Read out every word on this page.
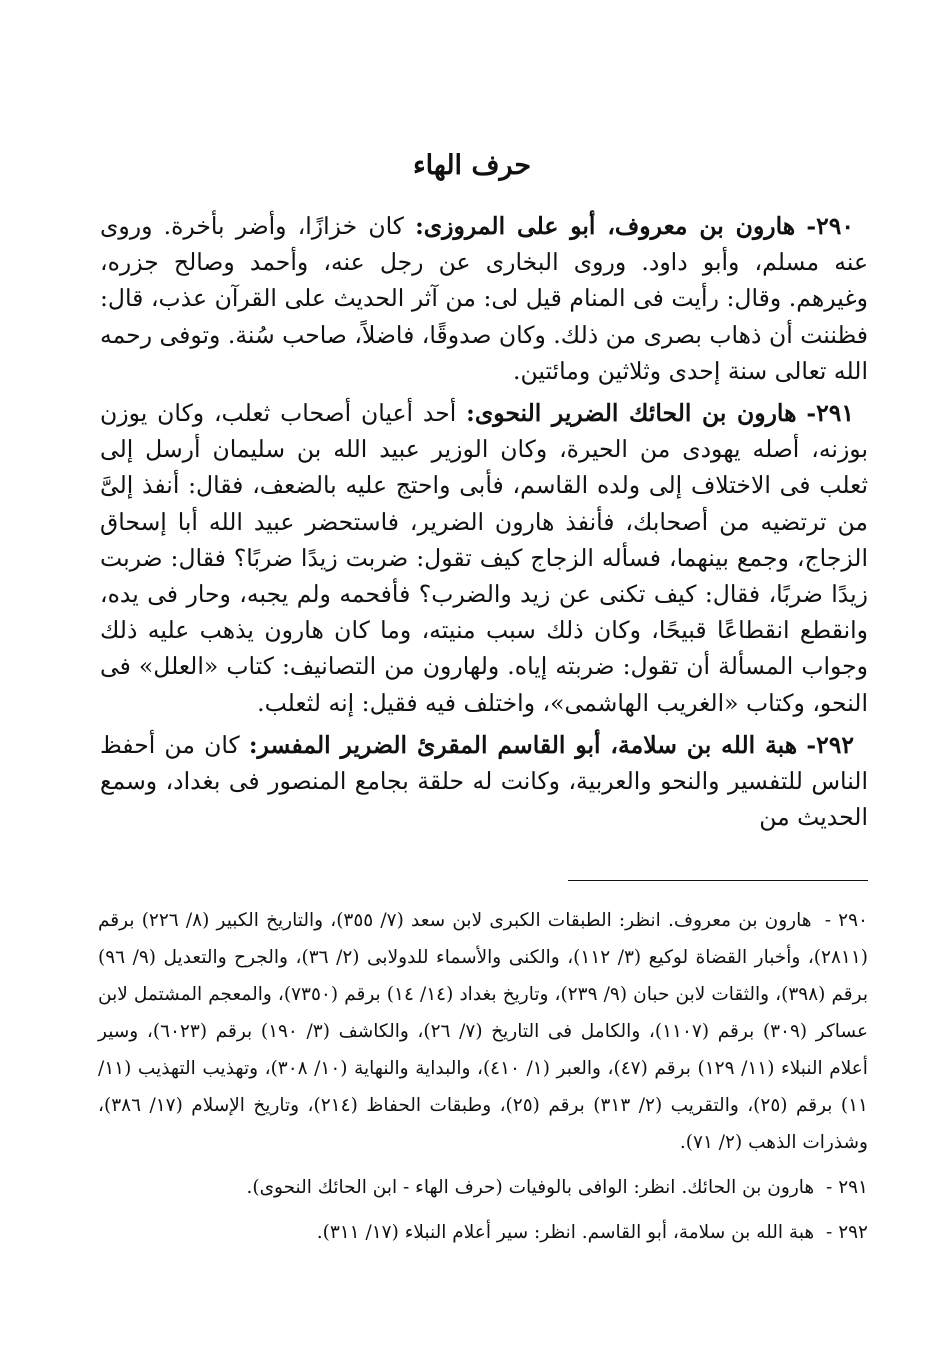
حرف الهاء

٢٩٠- هارون بن معروف، أبو على المروزى: كان خزازًا، وأضر بأخرة. وروى عنه مسلم، وأبو داود. وروى البخارى عن رجل عنه، وأحمد وصالح جزره، وغيرهم. وقال: رأيت فى المنام قيل لى: من آثر الحديث على القرآن عذب، قال: فظننت أن ذهاب بصرى من ذلك. وكان صدوقًا، فاضلاً، صاحب سُنة. وتوفى رحمه الله تعالى سنة إحدى وثلاثين ومائتين.

٢٩١- هارون بن الحائك الضرير النحوى: أحد أعيان أصحاب ثعلب، وكان يوزن بوزنه، أصله يهودى من الحيرة، وكان الوزير عبيد الله بن سليمان أرسل إلى ثعلب فى الاختلاف إلى ولده القاسم، فأبى واحتج عليه بالضعف، فقال: أنفذ إلىَّ من ترتضيه من أصحابك، فأنفذ هارون الضرير، فاستحضر عبيد الله أبا إسحاق الزجاج، وجمع بينهما، فسأله الزجاج كيف تقول: ضربت زيدًا ضربًا؟ فقال: ضربت زيدًا ضربًا، فقال: كيف تكنى عن زيد والضرب؟ فأفحمه ولم يجبه، وحار فى يده، وانقطع انقطاعًا قبيحًا، وكان ذلك سبب منيته، وما كان هارون يذهب عليه ذلك وجواب المسألة أن تقول: ضربته إياه. ولهارون من التصانيف: كتاب «العلل» فى النحو، وكتاب «الغريب الهاشمى»، واختلف فيه فقيل: إنه لثعلب.

٢٩٢- هبة الله بن سلامة، أبو القاسم المقرئ الضرير المفسر: كان من أحفظ الناس للتفسير والنحو والعربية، وكانت له حلقة بجامع المنصور فى بغداد، وسمع الحديث من

٢٩٠ - هارون بن معروف. انظر: الطبقات الكبرى لابن سعد (٧/ ٣٥٥)، والتاريخ الكبير (٨/ ٢٢٦) برقم (٢٨١١)، وأخبار القضاة لوكيع (٣/ ١١٢)، والكنى والأسماء للدولابى (٢/ ٣٦)، والجرح والتعديل (٩/ ٩٦) برقم (٣٩٨)، والثقات لابن حبان (٩/ ٢٣٩)، وتاريخ بغداد (١٤/ ١٤) برقم (٧٣٥٠)، والمعجم المشتمل لابن عساكر (٣٠٩) برقم (١١٠٧)، والكامل فى التاريخ (٧/ ٢٦)، والكاشف (٣/ ١٩٠) برقم (٦٠٢٣)، وسير أعلام النبلاء (١١/ ١٢٩) برقم (٤٧)، والعبر (١/ ٤١٠)، والبداية والنهاية (١٠/ ٣٠٨)، وتهذيب التهذيب (١١/ ١١) برقم (٢٥)، والتقريب (٢/ ٣١٣) برقم (٢٥)، وطبقات الحفاظ (٢١٤)، وتاريخ الإسلام (١٧/ ٣٨٦)، وشذرات الذهب (٢/ ٧١).

٢٩١ - هارون بن الحائك. انظر: الوافى بالوفيات (حرف الهاء - ابن الحائك النحوى).

٢٩٢ - هبة الله بن سلامة، أبو القاسم. انظر: سير أعلام النبلاء (١٧/ ٣١١).
